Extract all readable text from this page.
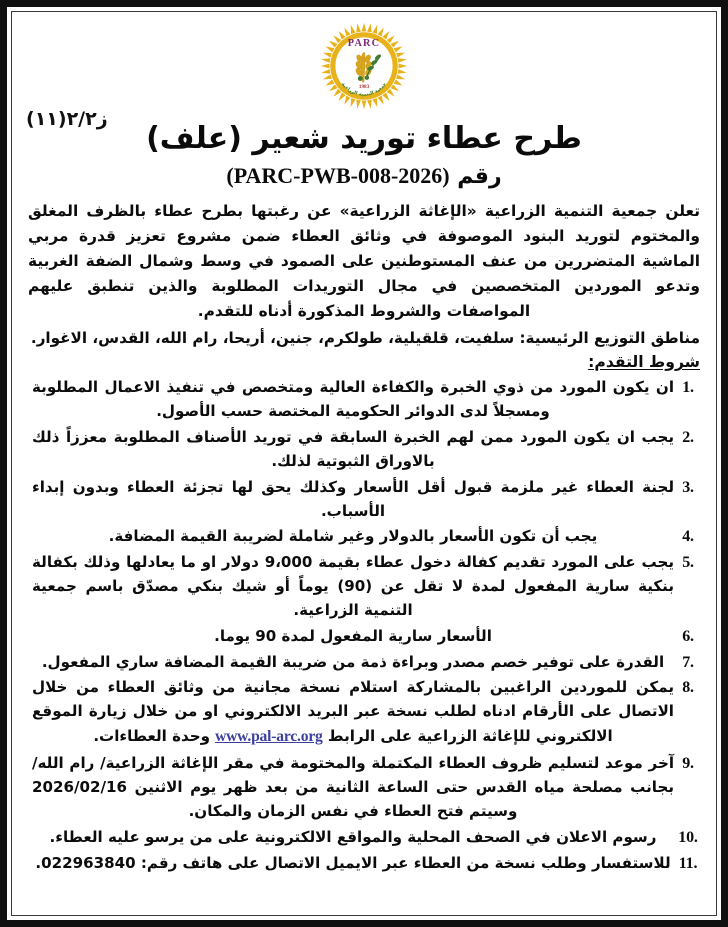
PARC
1983
جمعية التنمية الزراعية
ز٢/٢(١١)
طرح عطاء توريد شعير (علف)
رقم (PARC-PWB-008-2026)
تعلن جمعية التنمية الزراعية «الإغاثة الزراعية» عن رغبتها بطرح عطاء بالظرف المغلق والمختوم لتوريد البنود الموصوفة في وثائق العطاء ضمن مشروع تعزيز قدرة مربي الماشية المتضررين من عنف المستوطنين على الصمود في وسط وشمال الضفة الغربية وتدعو الموردين المتخصصين في مجال التوريدات المطلوبة والذين تنطبق عليهم المواصفات والشروط المذكورة أدناه للتقدم.
مناطق التوزيع الرئيسية: سلفيت، قلقيلية، طولكرم، جنين، أريحا، رام الله، القدس، الاغوار.
شروط التقدم:
ان يكون المورد من ذوي الخبرة والكفاءة العالية ومتخصص في تنفيذ الاعمال المطلوبة ومسجلاً لدى الدوائر الحكومية المختصة حسب الأصول.
يجب ان يكون المورد ممن لهم الخبرة السابقة في توريد الأصناف المطلوبة معززاً ذلك بالاوراق الثبوتية لذلك.
لجنة العطاء غير ملزمة قبول أقل الأسعار وكذلك يحق لها تجزئة العطاء وبدون إبداء الأسباب.
يجب أن تكون الأسعار بالدولار وغير شاملة لضريبة القيمة المضافة.
يجب على المورد تقديم كفالة دخول عطاء بقيمة 9،000 دولار او ما يعادلها وذلك بكفالة بنكية سارية المفعول لمدة لا تقل عن (90) يوماً أو شيك بنكي مصدّق باسم جمعية التنمية الزراعية.
الأسعار سارية المفعول لمدة 90 يوما.
القدرة على توفير خصم مصدر وبراءة ذمة من ضريبة القيمة المضافة ساري المفعول.
يمكن للموردين الراغبين بالمشاركة استلام نسخة مجانية من وثائق العطاء من خلال الاتصال على الأرقام ادناه لطلب نسخة عبر البريد الالكتروني او من خلال زيارة الموقع الالكتروني للإغاثة الزراعية على الرابط www.pal-arc.org وحدة العطاءات.
آخر موعد لتسليم ظروف العطاء المكتملة والمختومة في مقر الإغاثة الزراعية/ رام الله/ بجانب مصلحة مياه القدس حتى الساعة الثانية من بعد ظهر يوم الاثنين 2026/02/16 وسيتم فتح العطاء في نفس الزمان والمكان.
رسوم الاعلان في الصحف المحلية والمواقع الالكترونية على من يرسو عليه العطاء.
للاستفسار وطلب نسخة من العطاء عبر الايميل الاتصال على هاتف رقم: 022963840.
